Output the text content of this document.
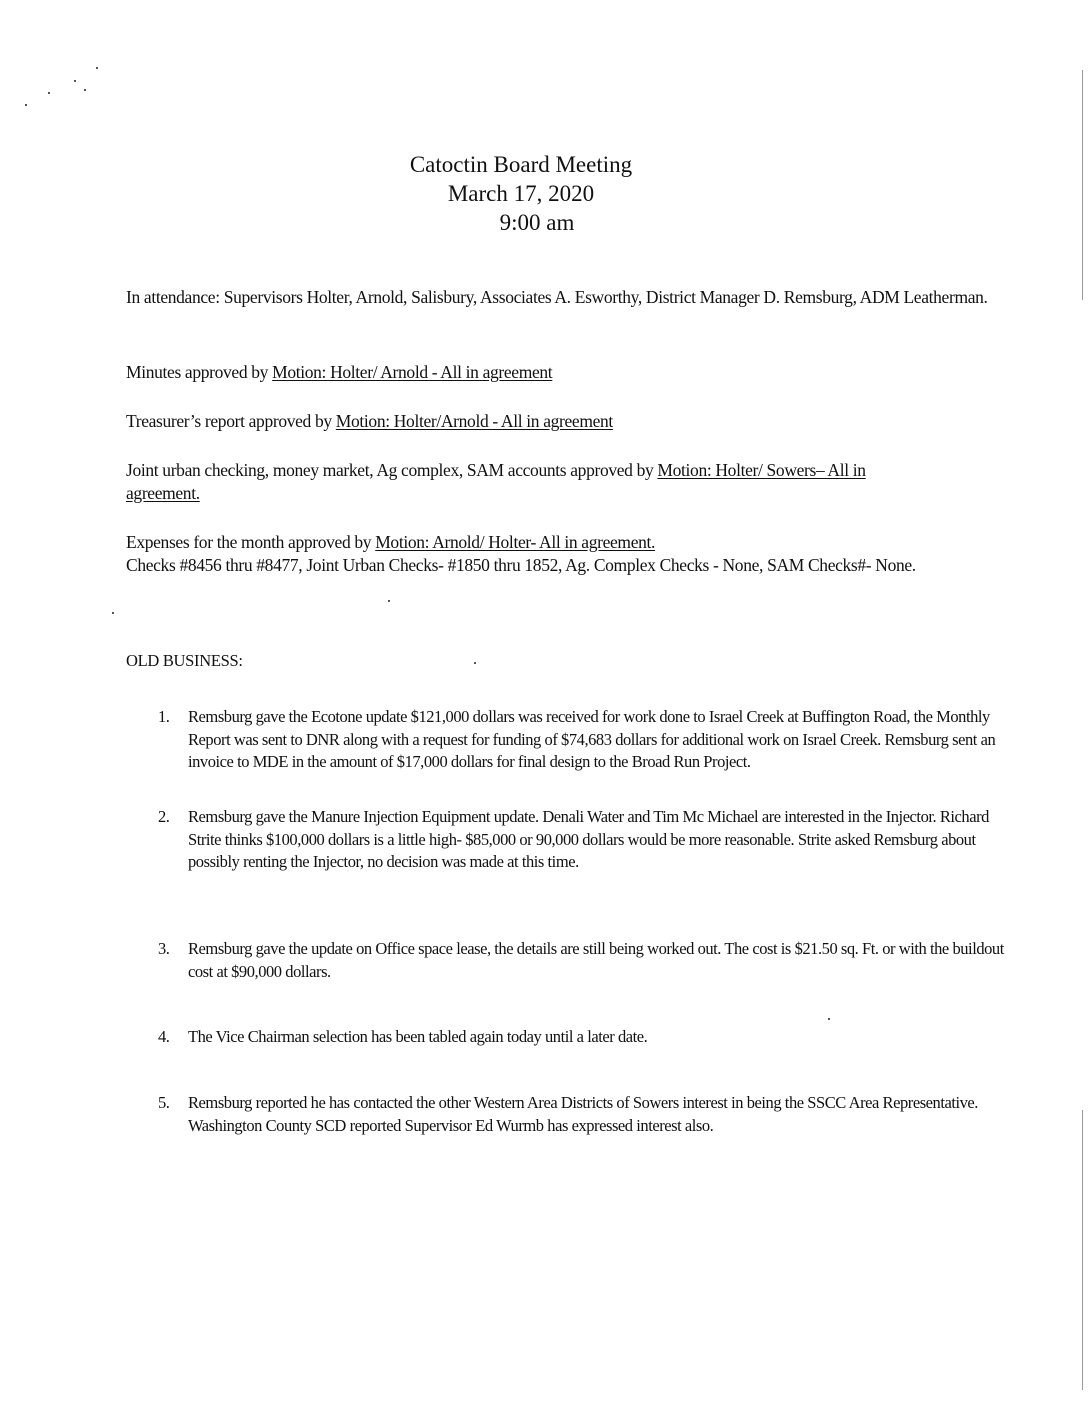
Catoctin Board Meeting
March 17, 2020
9:00 am
In attendance: Supervisors Holter, Arnold, Salisbury, Associates A. Esworthy, District Manager D. Remsburg, ADM Leatherman.
Minutes approved by Motion: Holter/ Arnold - All in agreement
Treasurer’s report approved by Motion: Holter/Arnold - All in agreement
Joint urban checking, money market, Ag complex, SAM accounts approved by Motion: Holter/ Sowers– All in agreement.
Expenses for the month approved by Motion: Arnold/ Holter- All in agreement.
Checks #8456 thru #8477, Joint Urban Checks- #1850 thru 1852, Ag. Complex Checks - None, SAM Checks#- None.
OLD BUSINESS:
1.	Remsburg gave the Ecotone update $121,000 dollars was received for work done to Israel Creek at Buffington Road, the Monthly Report was sent to DNR along with a request for funding of $74,683 dollars for additional work on Israel Creek. Remsburg sent an invoice to MDE in the amount of $17,000 dollars for final design to the Broad Run Project.
2.	Remsburg gave the Manure Injection Equipment update. Denali Water and Tim Mc Michael are interested in the Injector. Richard Strite thinks $100,000 dollars is a little high- $85,000 or 90,000 dollars would be more reasonable. Strite asked Remsburg about possibly renting the Injector, no decision was made at this time.
3.	Remsburg gave the update on Office space lease, the details are still being worked out. The cost is $21.50 sq. Ft. or with the buildout cost at $90,000 dollars.
4.	The Vice Chairman selection has been tabled again today until a later date.
5.	Remsburg reported he has contacted the other Western Area Districts of Sowers interest in being the SSCC Area Representative. Washington County SCD reported Supervisor Ed Wurmb has expressed interest also.
